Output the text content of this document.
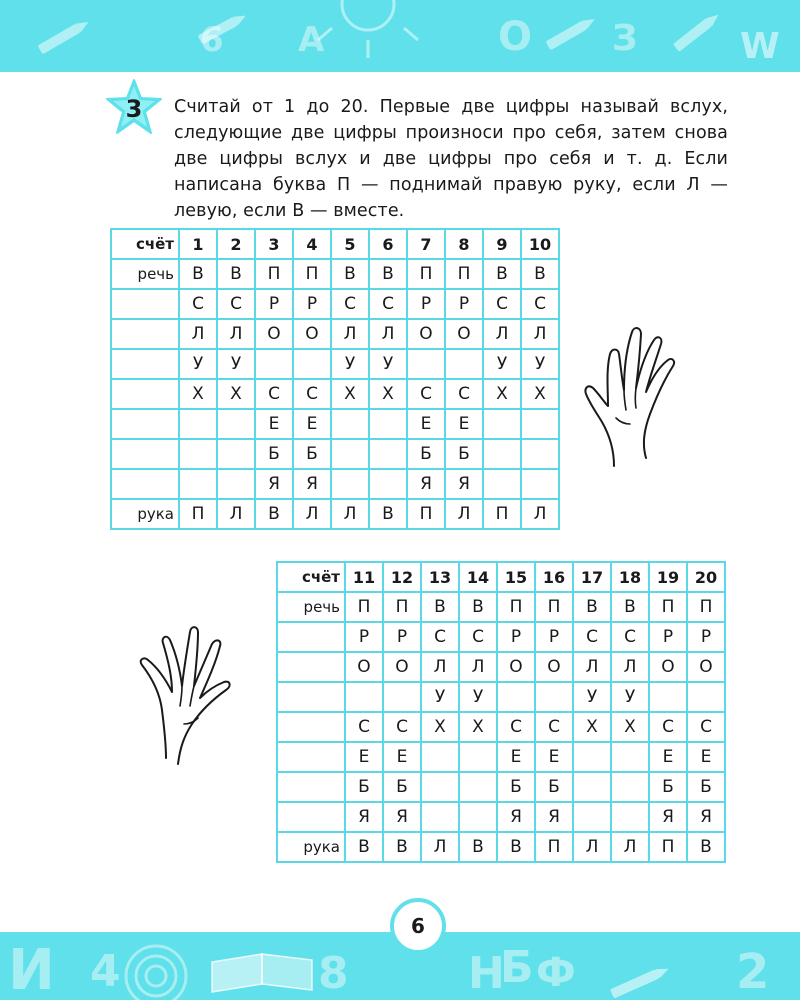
6 А	О З	W
3 Считай от 1 до 20. Первые две цифры называй вслух, следующие две цифры произноси про себя, затем снова две цифры вслух и две цифры про себя и т. д. Если написана буква П — поднимай правую руку, если Л — левую, если В — вместе.
счёт	1	2	3	4	5	6	7	8	9	10
речь	В	В	П	П	В	В	П	П	В	В
	С	С	Р	Р	С	С	Р	Р	С	С
	Л	Л	О	О	Л	Л	О	О	Л	Л
	У	У			У	У			У	У
	Х	Х	С	С	Х	Х	С	С	Х	Х
			Е	Е			Е	Е		
			Б	Б			Б	Б		
			Я	Я			Я	Я		
рука	П	Л	В	Л	Л	В	П	Л	П	Л
счёт	11	12	13	14	15	16	17	18	19	20
речь	П	П	В	В	П	П	В	В	П	П
	Р	Р	С	С	Р	Р	С	С	Р	Р
	О	О	Л	Л	О	О	Л	Л	О	О
			У	У			У	У		
	С	С	Х	Х	С	С	Х	Х	С	С
	Е	Е			Е	Е			Е	Е
	Б	Б			Б	Б			Б	Б
	Я	Я			Я	Я			Я	Я
рука	В	В	Л	В	В	П	Л	Л	П	В
И 4	8	Н
Б Ф	2
6
